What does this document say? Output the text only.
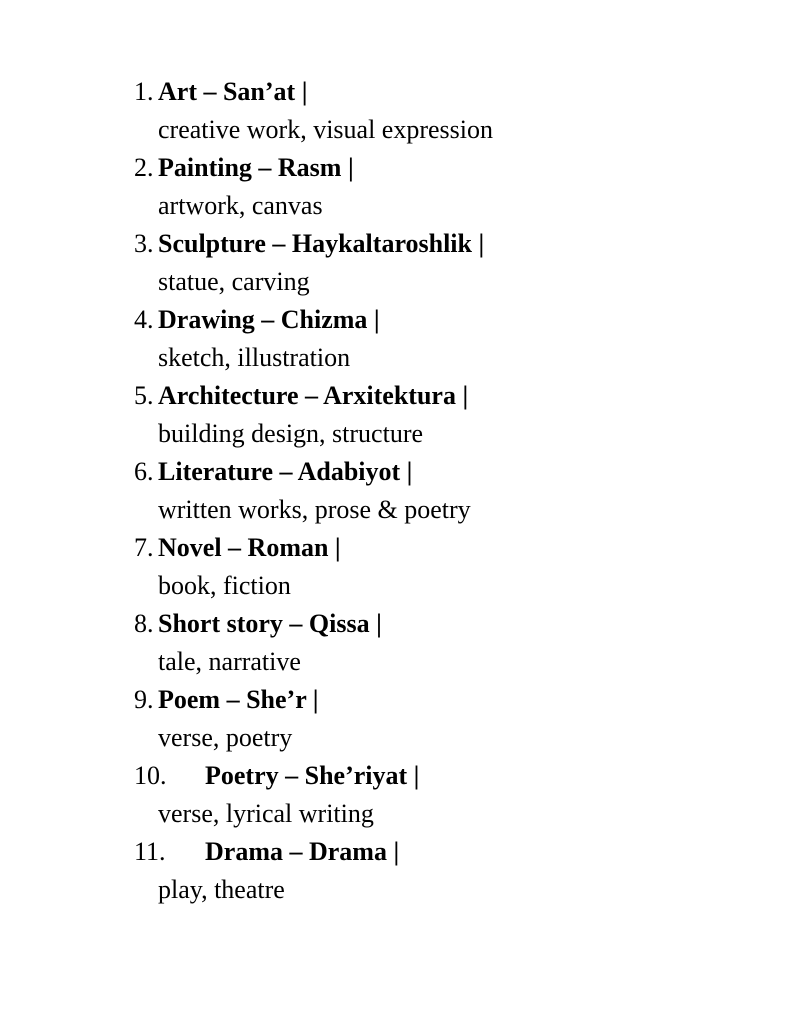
1. Art – San’at |
creative work, visual expression
2. Painting – Rasm |
artwork, canvas
3. Sculpture – Haykaltaroshlik |
statue, carving
4. Drawing – Chizma |
sketch, illustration
5. Architecture – Arxitektura |
building design, structure
6. Literature – Adabiyot |
written works, prose & poetry
7. Novel – Roman |
book, fiction
8. Short story – Qissa |
tale, narrative
9. Poem – She’r |
verse, poetry
10.	Poetry – She’riyat |
verse, lyrical writing
11.	Drama – Drama |
play, theatre
